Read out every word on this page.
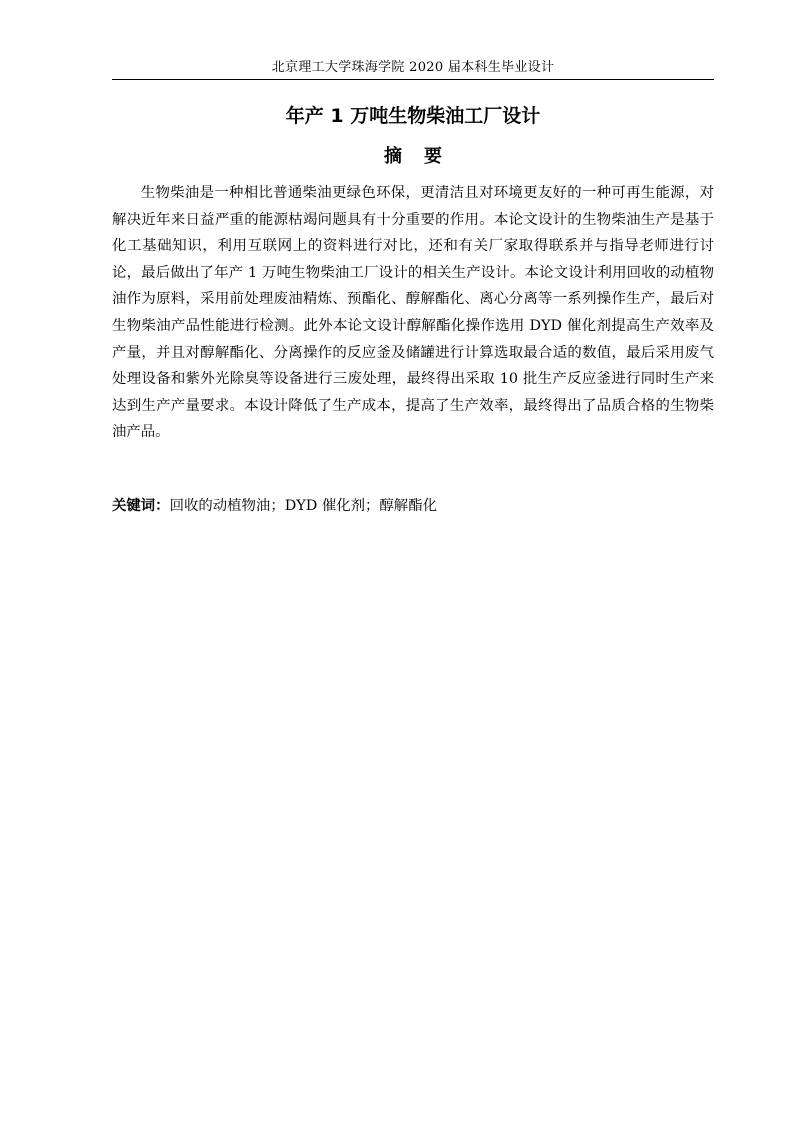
北京理工大学珠海学院 2020 届本科生毕业设计
年产 1 万吨生物柴油工厂设计
摘要

生物柴油是一种相比普通柴油更绿色环保，更清洁且对环境更友好的一种可再生能源，对解决近年来日益严重的能源枯竭问题具有十分重要的作用。本论文设计的生物柴油生产是基于化工基础知识，利用互联网上的资料进行对比，还和有关厂家取得联系并与指导老师进行讨论，最后做出了年产 1 万吨生物柴油工厂设计的相关生产设计。本论文设计利用回收的动植物油作为原料，采用前处理废油精炼、预酯化、醇解酯化、离心分离等一系列操作生产，最后对生物柴油产品性能进行检测。此外本论文设计醇解酯化操作选用 DYD 催化剂提高生产效率及产量，并且对醇解酯化、分离操作的反应釜及储罐进行计算选取最合适的数值，最后采用废气处理设备和紫外光除臭等设备进行三废处理，最终得出采取 10 批生产反应釜进行同时生产来达到生产产量要求。本设计降低了生产成本，提高了生产效率，最终得出了品质合格的生物柴油产品。

关键词：回收的动植物油；DYD 催化剂；醇解酯化
